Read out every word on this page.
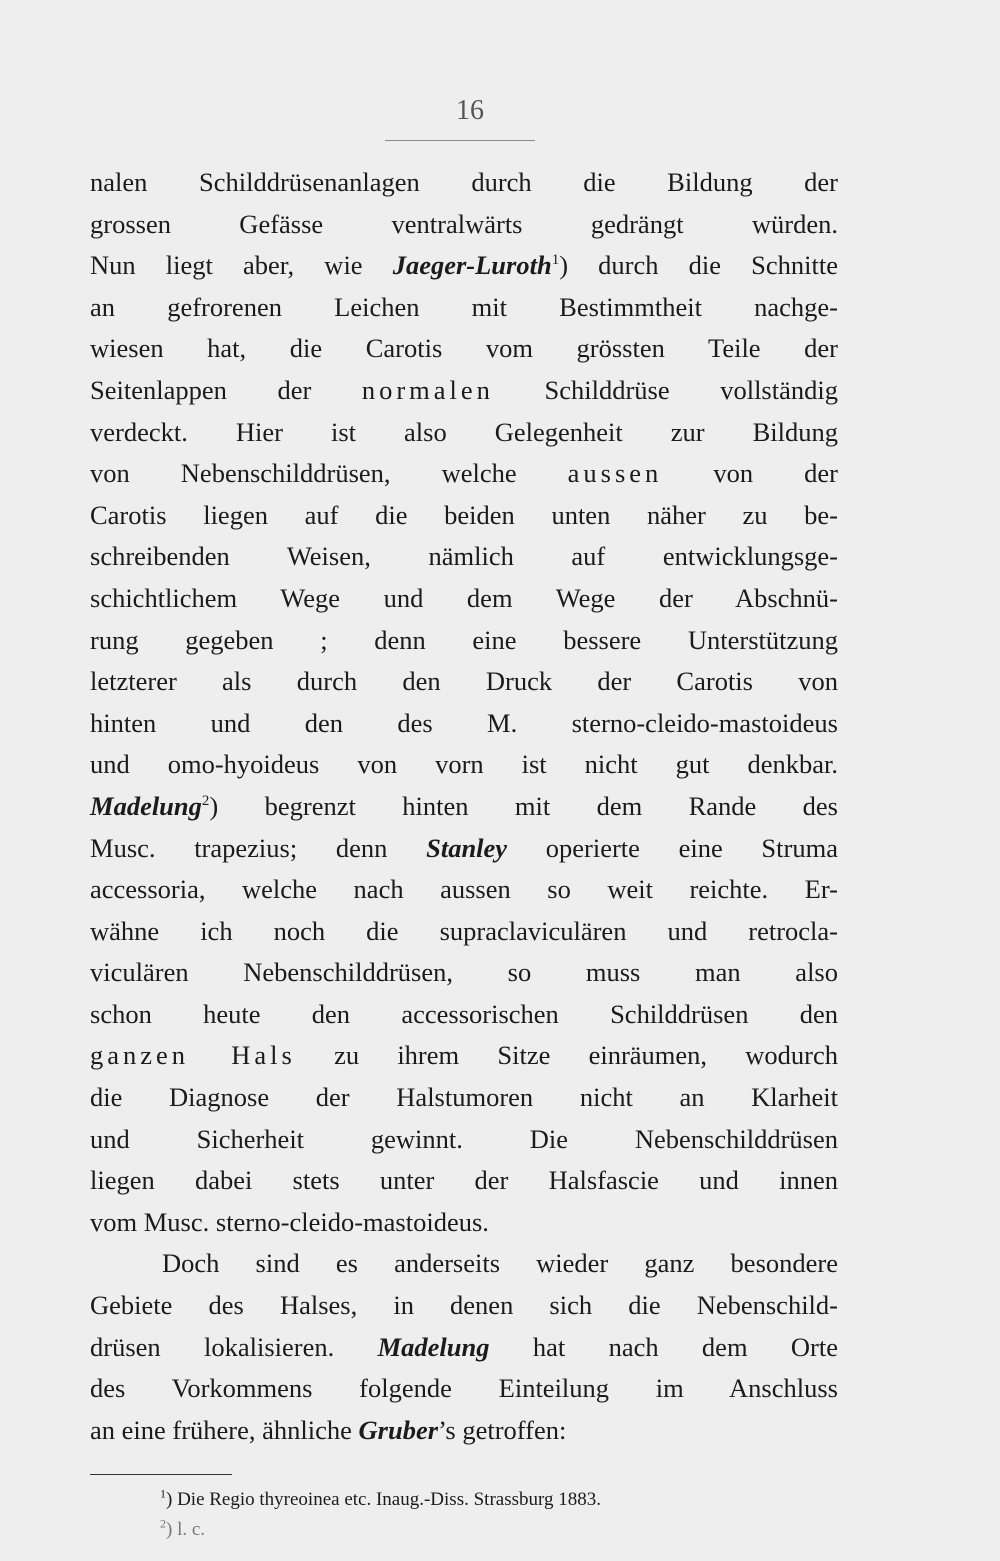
16
nalen Schilddrüsenanlagen durch die Bildung der
grossen Gefässe ventralwärts gedrängt würden.
Nun liegt aber, wie Jaeger-Luroth$^1$) durch die Schnitte
an gefrorenen Leichen mit Bestimmtheit nachge-
wiesen hat, die Carotis vom grössten Teile der
Seitenlappen der normalen Schilddrüse vollständig
verdeckt. Hier ist also Gelegenheit zur Bildung
von Nebenschilddrüsen, welche aussen von der
Carotis liegen auf die beiden unten näher zu be-
schreibenden Weisen, nämlich auf entwicklungsge-
schichtlichem Wege und dem Wege der Abschnü-
rung gegeben ; denn eine bessere Unterstützung
letzterer als durch den Druck der Carotis von
hinten und den des M. sterno-cleido-mastoideus
und omo-hyoideus von vorn ist nicht gut denkbar.
Madelung$^2$) begrenzt hinten mit dem Rande des
Musc. trapezius; denn Stanley operierte eine Struma
accessoria, welche nach aussen so weit reichte. Er-
wähne ich noch die supraclaviculären und retrocla-
viculären Nebenschilddrüsen, so muss man also
schon heute den accessorischen Schilddrüsen den
ganzen Hals zu ihrem Sitze einräumen, wodurch
die Diagnose der Halstumoren nicht an Klarheit
und Sicherheit gewinnt. Die Nebenschilddrüsen
liegen dabei stets unter der Halsfascie und innen
vom Musc. sterno-cleido-mastoideus.
Doch sind es anderseits wieder ganz besondere
Gebiete des Halses, in denen sich die Nebenschild-
drüsen lokalisieren. Madelung hat nach dem Orte
des Vorkommens folgende Einteilung im Anschluss
an eine frühere, ähnliche Gruber’s getroffen:
$^1$) Die Regio thyreoinea etc. Inaug.-Diss. Strassburg 1883.
$^2$) l. c.
